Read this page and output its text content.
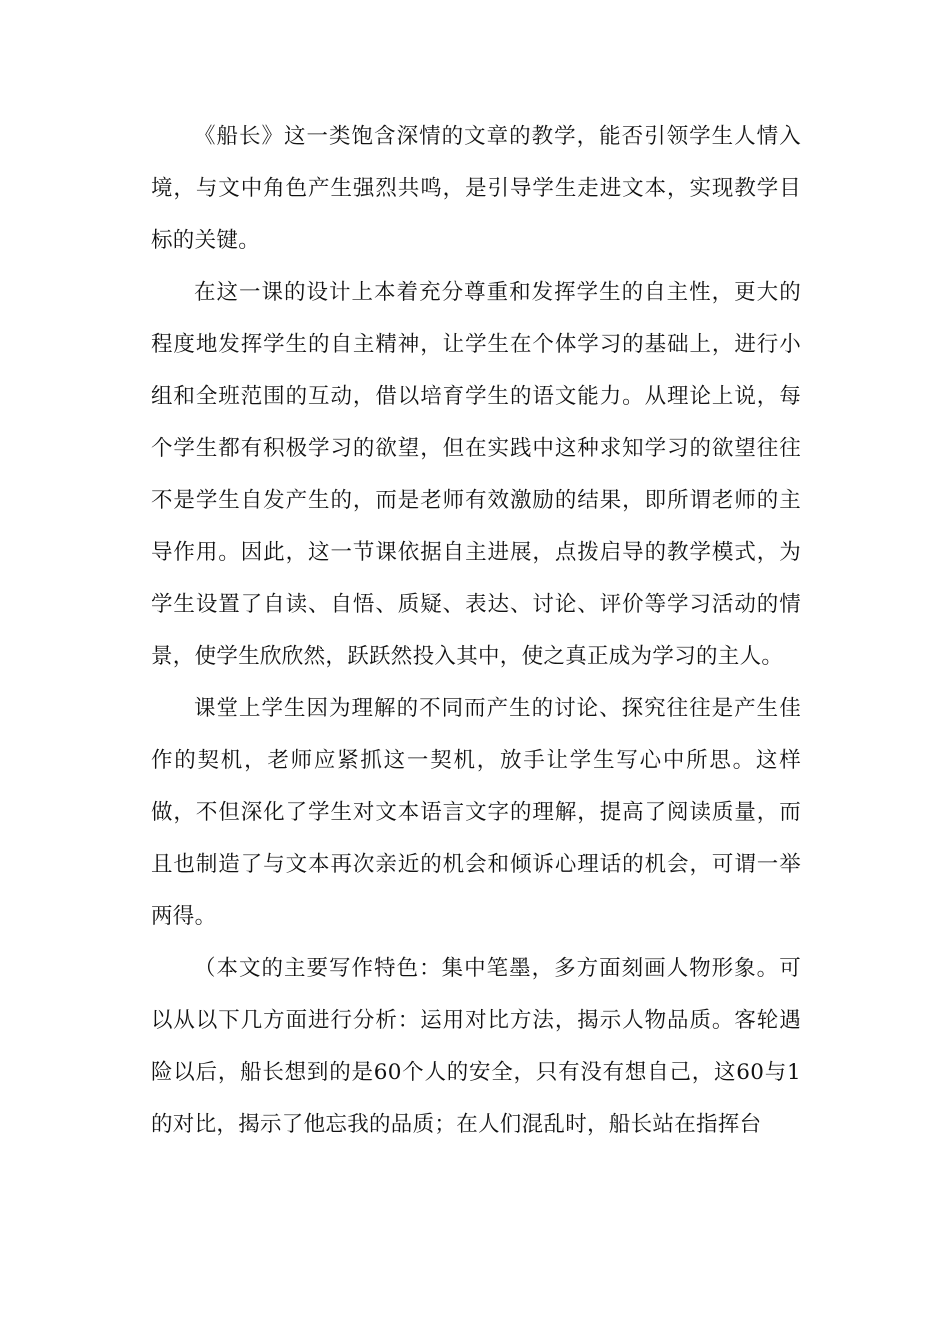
《船长》这一类饱含深情的文章的教学，能否引领学生人情入境，与文中角色产生强烈共鸣，是引导学生走进文本，实现教学目标的关键。

在这一课的设计上本着充分尊重和发挥学生的自主性，更大的程度地发挥学生的自主精神，让学生在个体学习的基础上，进行小组和全班范围的互动，借以培育学生的语文能力。从理论上说，每个学生都有积极学习的欲望，但在实践中这种求知学习的欲望往往不是学生自发产生的，而是老师有效激励的结果，即所谓老师的主导作用。因此，这一节课依据自主进展，点拨启导的教学模式，为学生设置了自读、自悟、质疑、表达、讨论、评价等学习活动的情景，使学生欣欣然，跃跃然投入其中，使之真正成为学习的主人。

课堂上学生因为理解的不同而产生的讨论、探究往往是产生佳作的契机，老师应紧抓这一契机，放手让学生写心中所思。这样做，不但深化了学生对文本语言文字的理解，提高了阅读质量，而且也制造了与文本再次亲近的机会和倾诉心理话的机会，可谓一举两得。

（本文的主要写作特色：集中笔墨，多方面刻画人物形象。可以从以下几方面进行分析：运用对比方法，揭示人物品质。客轮遇险以后，船长想到的是60个人的安全，只有没有想自己，这60与1的对比，揭示了他忘我的品质；在人们混乱时，船长站在指挥台
